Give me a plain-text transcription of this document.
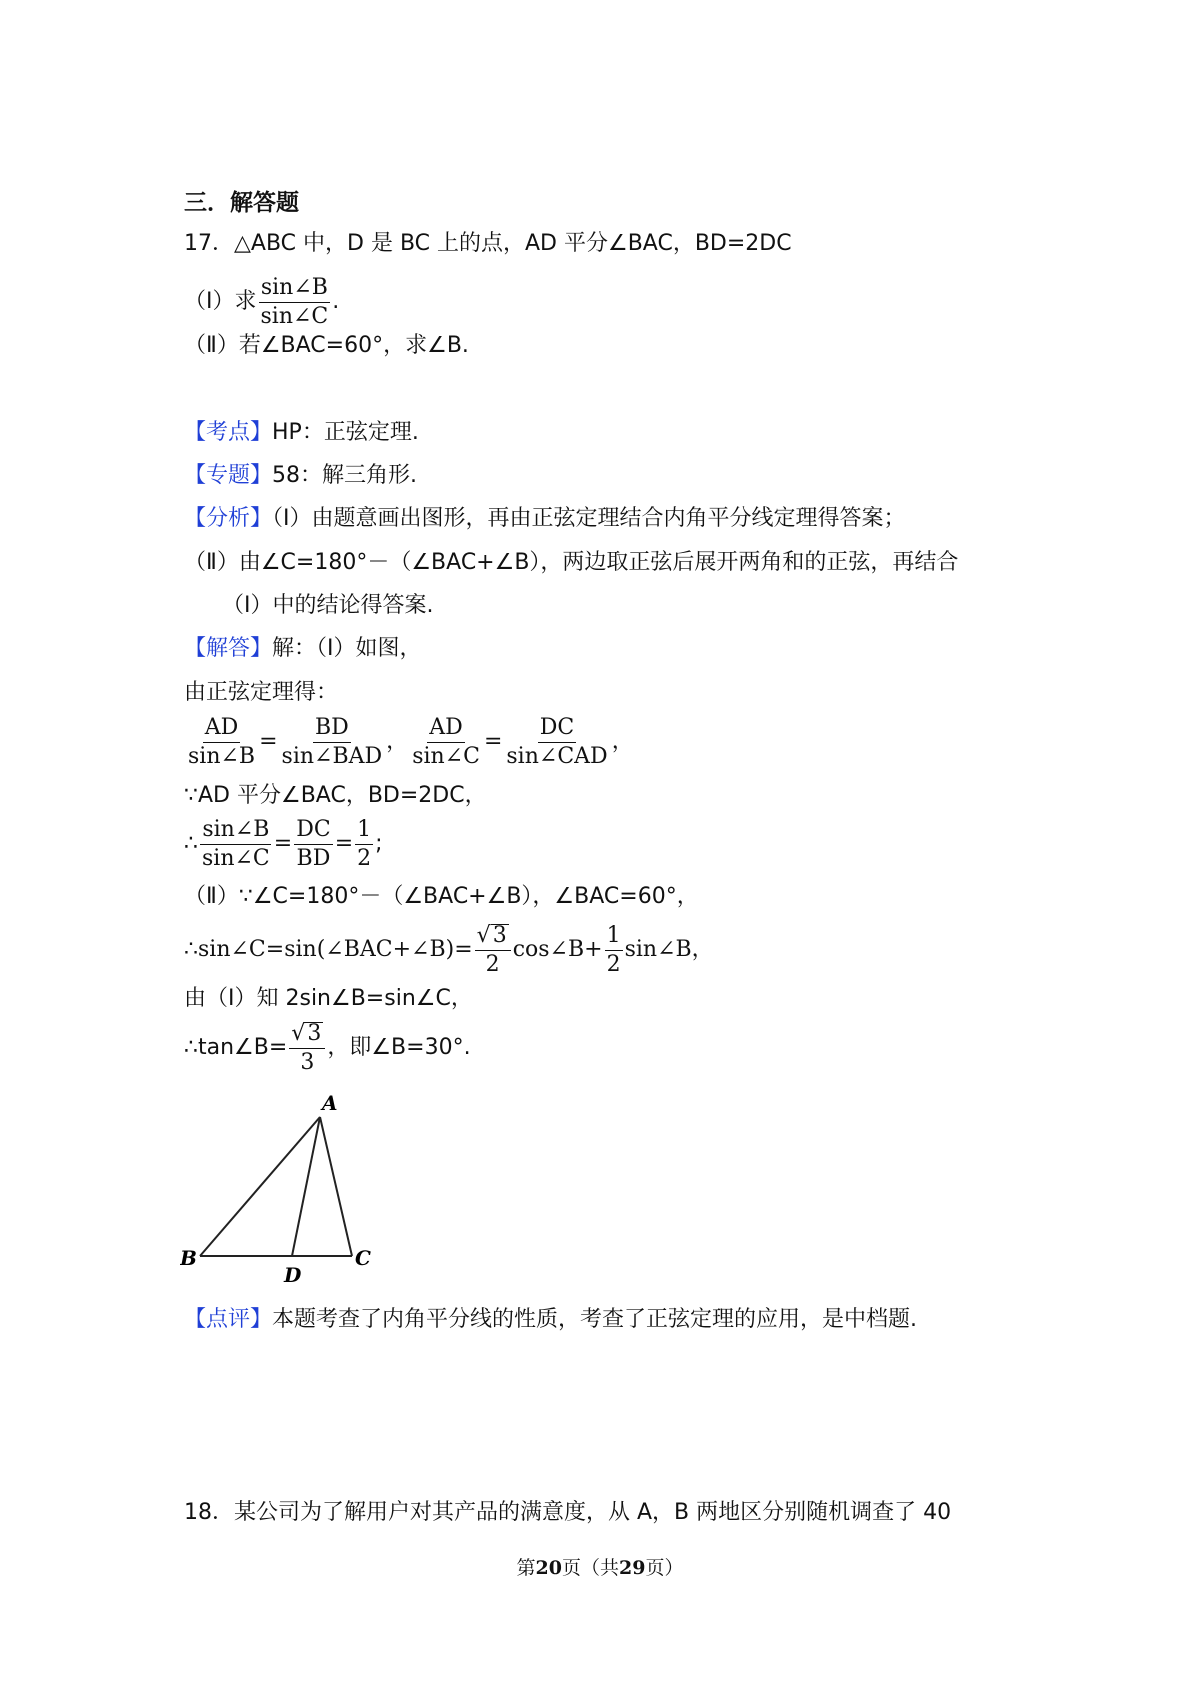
三．解答题
17．△ABC 中，D 是 BC 上的点，AD 平分∠BAC，BD=2DC
（Ⅰ）求 $\frac{\sin\angle B}{\sin\angle C}$ .
（Ⅱ）若∠BAC=60°，求∠B.
【考点】HP：正弦定理.
【专题】58：解三角形.
【分析】（Ⅰ）由题意画出图形，再由正弦定理结合内角平分线定理得答案；
（Ⅱ）由∠C=180°－（∠BAC+∠B），两边取正弦后展开两角和的正弦，再结合
（Ⅰ）中的结论得答案.
【解答】解：（Ⅰ）如图，
由正弦定理得：
$\frac{AD}{\sin\angle B} = \frac{BD}{\text{sin∠BAD}}$ ， $\frac{AD}{\sin\angle C} = \frac{DC}{\text{sin∠CAD}}$ ，
∵AD 平分∠BAC，BD=2DC，
∴ $\frac{\sin\angle B}{\sin\angle C} = \frac{DC}{BD} = \frac{1}{2}$ ;
（Ⅱ）∵∠C=180°－（∠BAC+∠B），∠BAC=60°，
∴sin∠C=sin(∠BAC+∠B)= $\frac{√ 3}{2}$ cos∠B+ $\frac{1}{2}$ sin∠B，
由（Ⅰ）知 2sin∠B=sin∠C，
∴tan∠B= $\frac{√ 3}{3}$ ，即∠B=30°.
A
B	C
D
【点评】本题考查了内角平分线的性质，考查了正弦定理的应用，是中档题.
18．某公司为了解用户对其产品的满意度，从 A，B 两地区分别随机调查了 40
第20页（共29页）
